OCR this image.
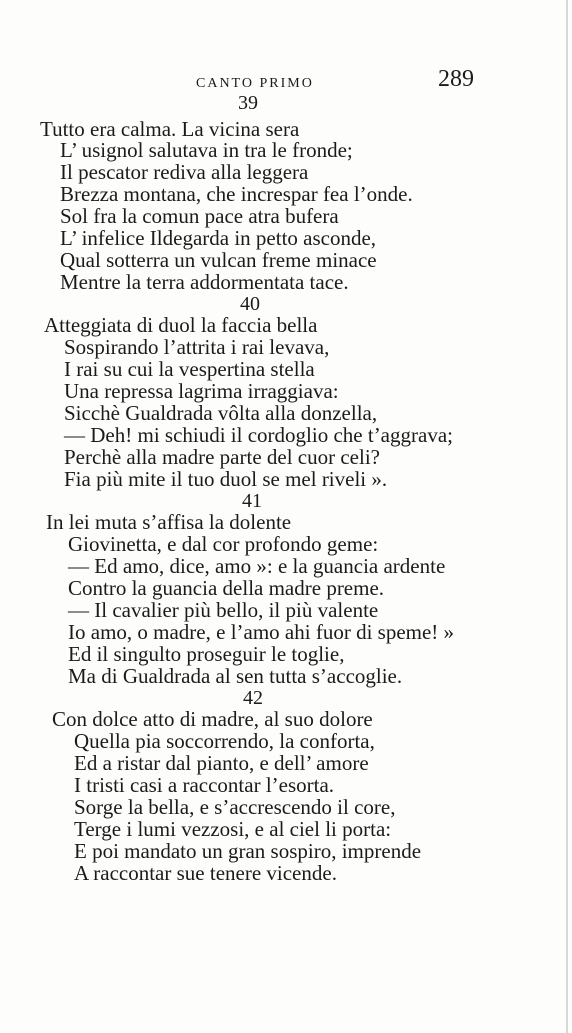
CANTO PRIMO	289
39
Tutto era calma. La vicina sera
L’ usignol salutava in tra le fronde;
Il pescator rediva alla leggera
Brezza montana, che increspar fea l’onde.
Sol fra la comun pace atra bufera
L’ infelice Ildegarda in petto asconde,
Qual sotterra un vulcan freme minace
Mentre la terra addormentata tace.
40
Atteggiata di duol la faccia bella
Sospirando l’attrita i rai levava,
I rai su cui la vespertina stella
Una repressa lagrima irraggiava:
Sicchè Gualdrada vôlta alla donzella,
— Deh! mi schiudi il cordoglio che t’aggrava;
Perchè alla madre parte del cuor celi?
Fia più mite il tuo duol se mel riveli ».
41
In lei muta s’affisa la dolente
Giovinetta, e dal cor profondo geme:
— Ed amo, dice, amo »: e la guancia ardente
Contro la guancia della madre preme.
— Il cavalier più bello, il più valente
Io amo, o madre, e l’amo ahi fuor di speme! »
Ed il singulto proseguir le toglie,
Ma di Gualdrada al sen tutta s’accoglie.
42
Con dolce atto di madre, al suo dolore
Quella pia soccorrendo, la conforta,
Ed a ristar dal pianto, e dell’ amore
I tristi casi a raccontar l’esorta.
Sorge la bella, e s’accrescendo il core,
Terge i lumi vezzosi, e al ciel li porta:
E poi mandato un gran sospiro, imprende
A raccontar sue tenere vicende.
